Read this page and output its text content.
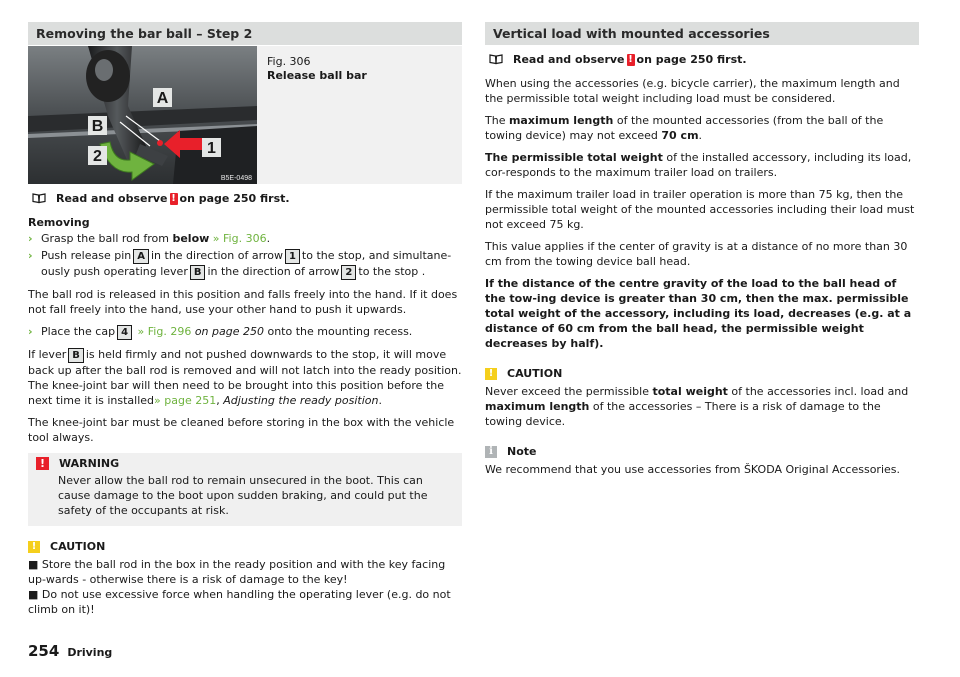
Removing the bar ball – Step 2
A
B
2	1
B5E-0498
Fig. 306
Release ball bar
Read and observe ! on page 250 first.

Removing

› Grasp the ball rod from below » Fig. 306.
› Push release pin A in the direction of arrow 1 to the stop, and simultane-ously push operating lever B in the direction of arrow 2 to the stop .

The ball rod is released in this position and falls freely into the hand. If it does not fall freely into the hand, use your other hand to push it upwards.

› Place the cap 4 » Fig. 296 on page 250 onto the mounting recess.

If lever B is held firmly and not pushed downwards to the stop, it will move back up after the ball rod is removed and will not latch into the ready position. The knee-joint bar will then need to be brought into this position before the next time it is installed» page 251, Adjusting the ready position.

The knee-joint bar must be cleaned before storing in the box with the vehicle tool always.

!	WARNING

Never allow the ball rod to remain unsecured in the boot. This can cause damage to the boot upon sudden braking, and could put the safety of the occupants at risk.

!	CAUTION

■ Store the ball rod in the box in the ready position and with the key facing up-wards - otherwise there is a risk of damage to the key!

■ Do not use excessive force when handling the operating lever (e.g. do not climb on it)!

Vertical load with mounted accessories
Read and observe ! on page 250 first.

When using the accessories (e.g. bicycle carrier), the maximum length and the permissible total weight including load must be considered.

The maximum length of the mounted accessories (from the ball of the towing device) may not exceed 70 cm.

The permissible total weight of the installed accessory, including its load, cor-responds to the maximum trailer load on trailers.

If the maximum trailer load in trailer operation is more than 75 kg, then the permissible total weight of the mounted accessories including their load must not exceed 75 kg.

This value applies if the center of gravity is at a distance of no more than 30 cm from the towing device ball head.

If the distance of the centre gravity of the load to the ball head of the tow-ing device is greater than 30 cm, then the max. permissible total weight of the accessory, including its load, decreases (e.g. at a distance of 60 cm from the ball head, the permissible weight decreases by half).

!	CAUTION

Never exceed the permissible total weight of the accessories incl. load and maximum length of the accessories – There is a risk of damage to the towing device.

i	Note

We recommend that you use accessories from ŠKODA Original Accessories.

254 Driving
